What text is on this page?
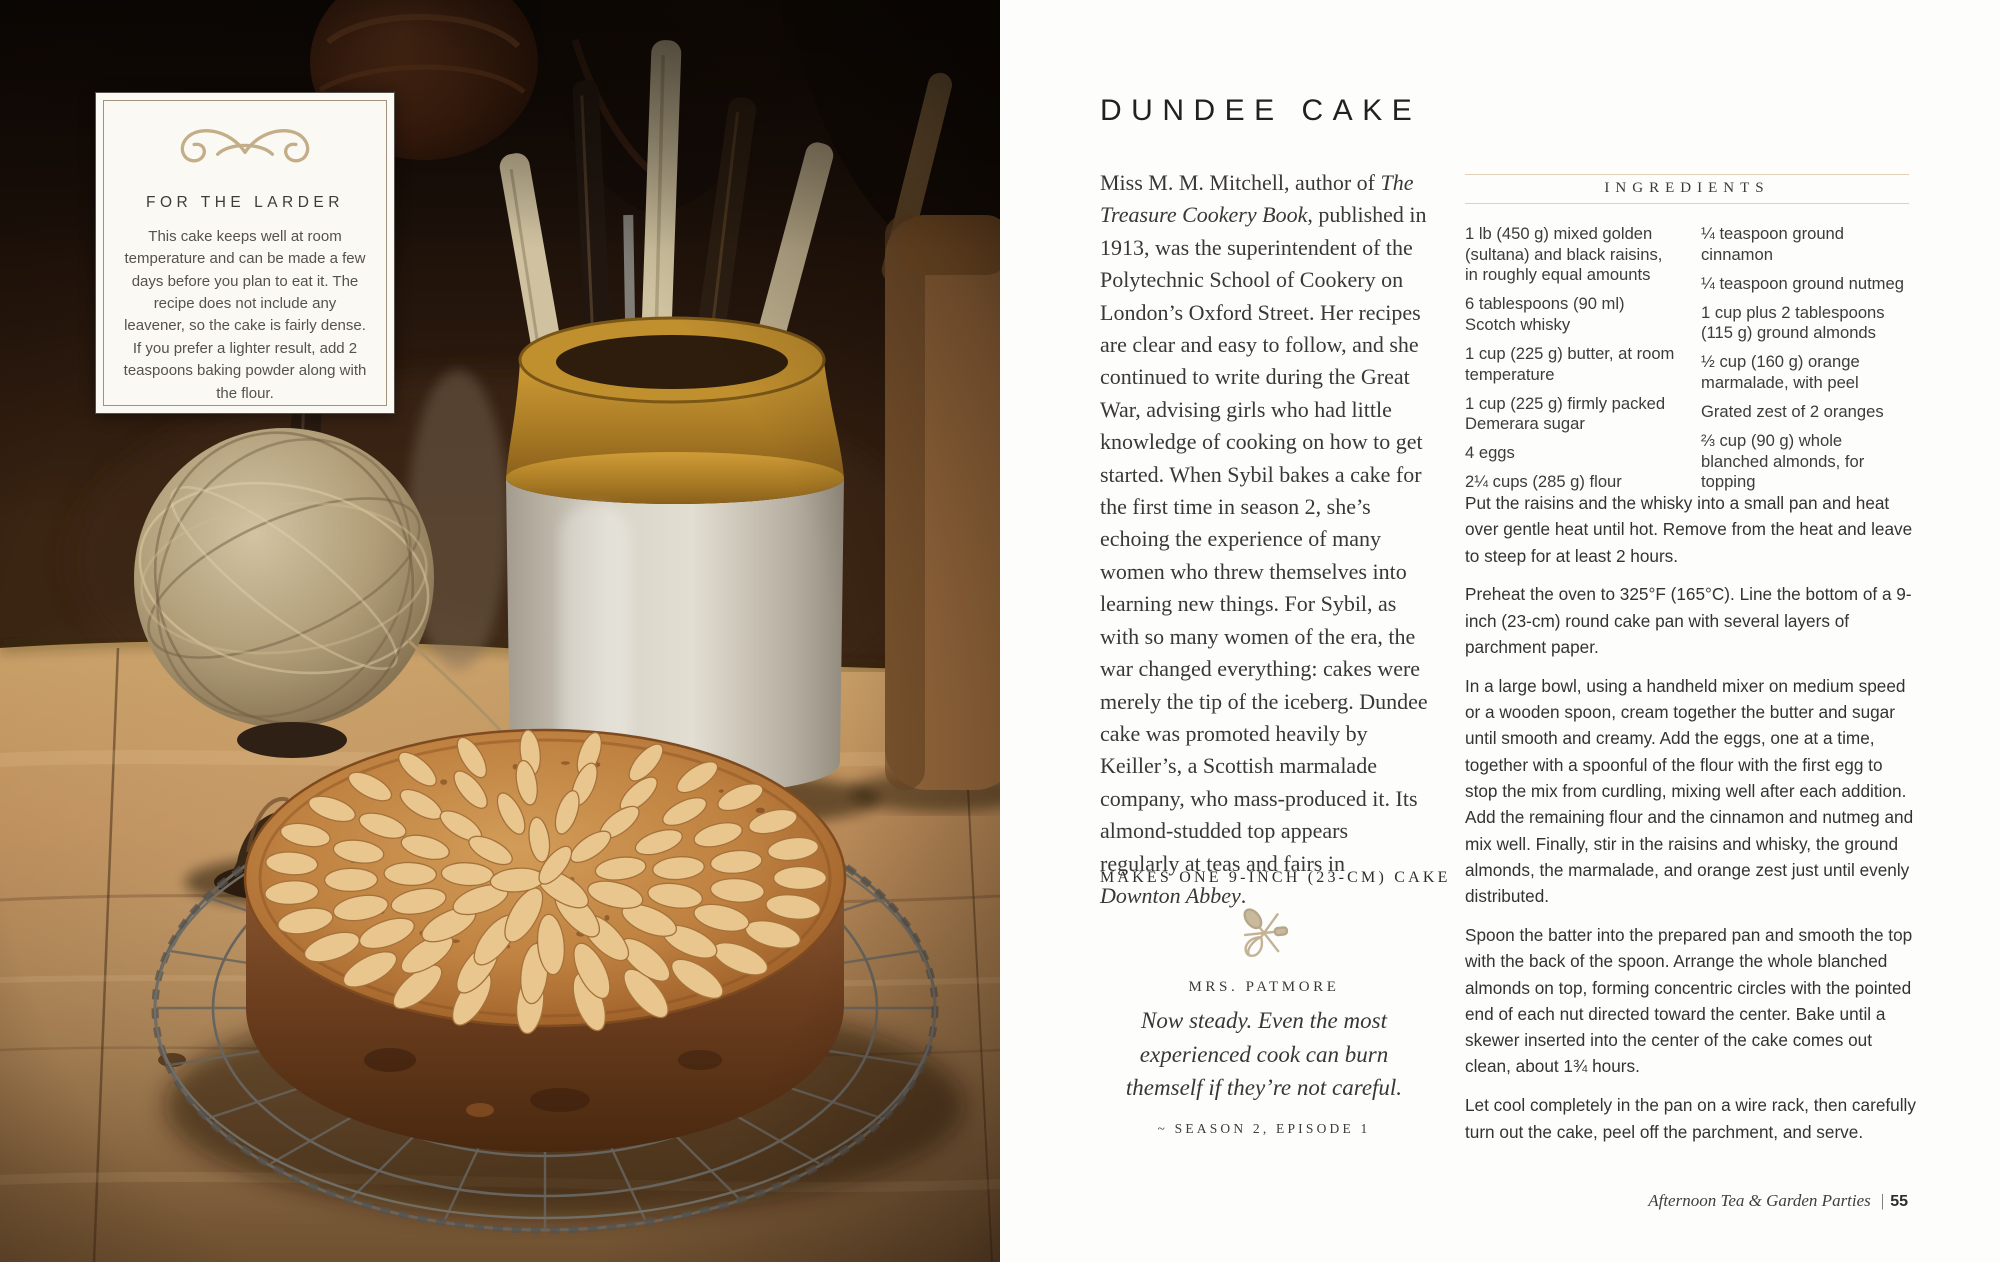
FOR THE LARDER
This cake keeps well at room temperature and can be made a few days before you plan to eat it. The recipe does not include any leavener, so the cake is fairly dense. If you prefer a lighter result, add 2 teaspoons baking powder along with the flour.
DUNDEE CAKE
Miss M. M. Mitchell, author of The Treasure Cookery Book, published in 1913, was the superintendent of the Polytechnic School of Cookery on London’s Oxford Street. Her recipes are clear and easy to follow, and she continued to write during the Great War, advising girls who had little knowledge of cooking on how to get started. When Sybil bakes a cake for the first time in season 2, she’s echoing the experience of many women who threw themselves into learning new things. For Sybil, as with so many women of the era, the war changed everything: cakes were merely the tip of the iceberg. Dundee cake was promoted heavily by Keiller’s, a Scottish marmalade company, who mass-produced it. Its almond-studded top appears regularly at teas and fairs in Downton Abbey.
MAKES ONE 9-INCH (23-CM) CAKE
MRS. PATMORE
Now steady. Even the most experienced cook can burn themself if they’re not careful.
~ SEASON 2, EPISODE 1
INGREDIENTS
1 lb (450 g) mixed golden (sultana) and black raisins, in roughly equal amounts
6 tablespoons (90 ml) Scotch whisky
1 cup (225 g) butter, at room temperature
1 cup (225 g) firmly packed Demerara sugar
4 eggs
2¼ cups (285 g) flour
¼ teaspoon ground cinnamon
¼ teaspoon ground nutmeg
1 cup plus 2 tablespoons (115 g) ground almonds
½ cup (160 g) orange marmalade, with peel
Grated zest of 2 oranges
⅔ cup (90 g) whole blanched almonds, for topping

Put the raisins and the whisky into a small pan and heat over gentle heat until hot. Remove from the heat and leave to steep for at least 2 hours.

Preheat the oven to 325°F (165°C). Line the bottom of a 9-inch (23-cm) round cake pan with several layers of parchment paper.

In a large bowl, using a handheld mixer on medium speed or a wooden spoon, cream together the butter and sugar until smooth and creamy. Add the eggs, one at a time, together with a spoonful of the flour with the first egg to stop the mix from curdling, mixing well after each addition. Add the remaining flour and the cinnamon and nutmeg and mix well. Finally, stir in the raisins and whisky, the ground almonds, the marmalade, and orange zest just until evenly distributed.

Spoon the batter into the prepared pan and smooth the top with the back of the spoon. Arrange the whole blanched almonds on top, forming concentric circles with the pointed end of each nut directed toward the center. Bake until a skewer inserted into the center of the cake comes out clean, about 1¾ hours.

Let cool completely in the pan on a wire rack, then carefully turn out the cake, peel off the parchment, and serve.

Afternoon Tea & Garden Parties | 55
